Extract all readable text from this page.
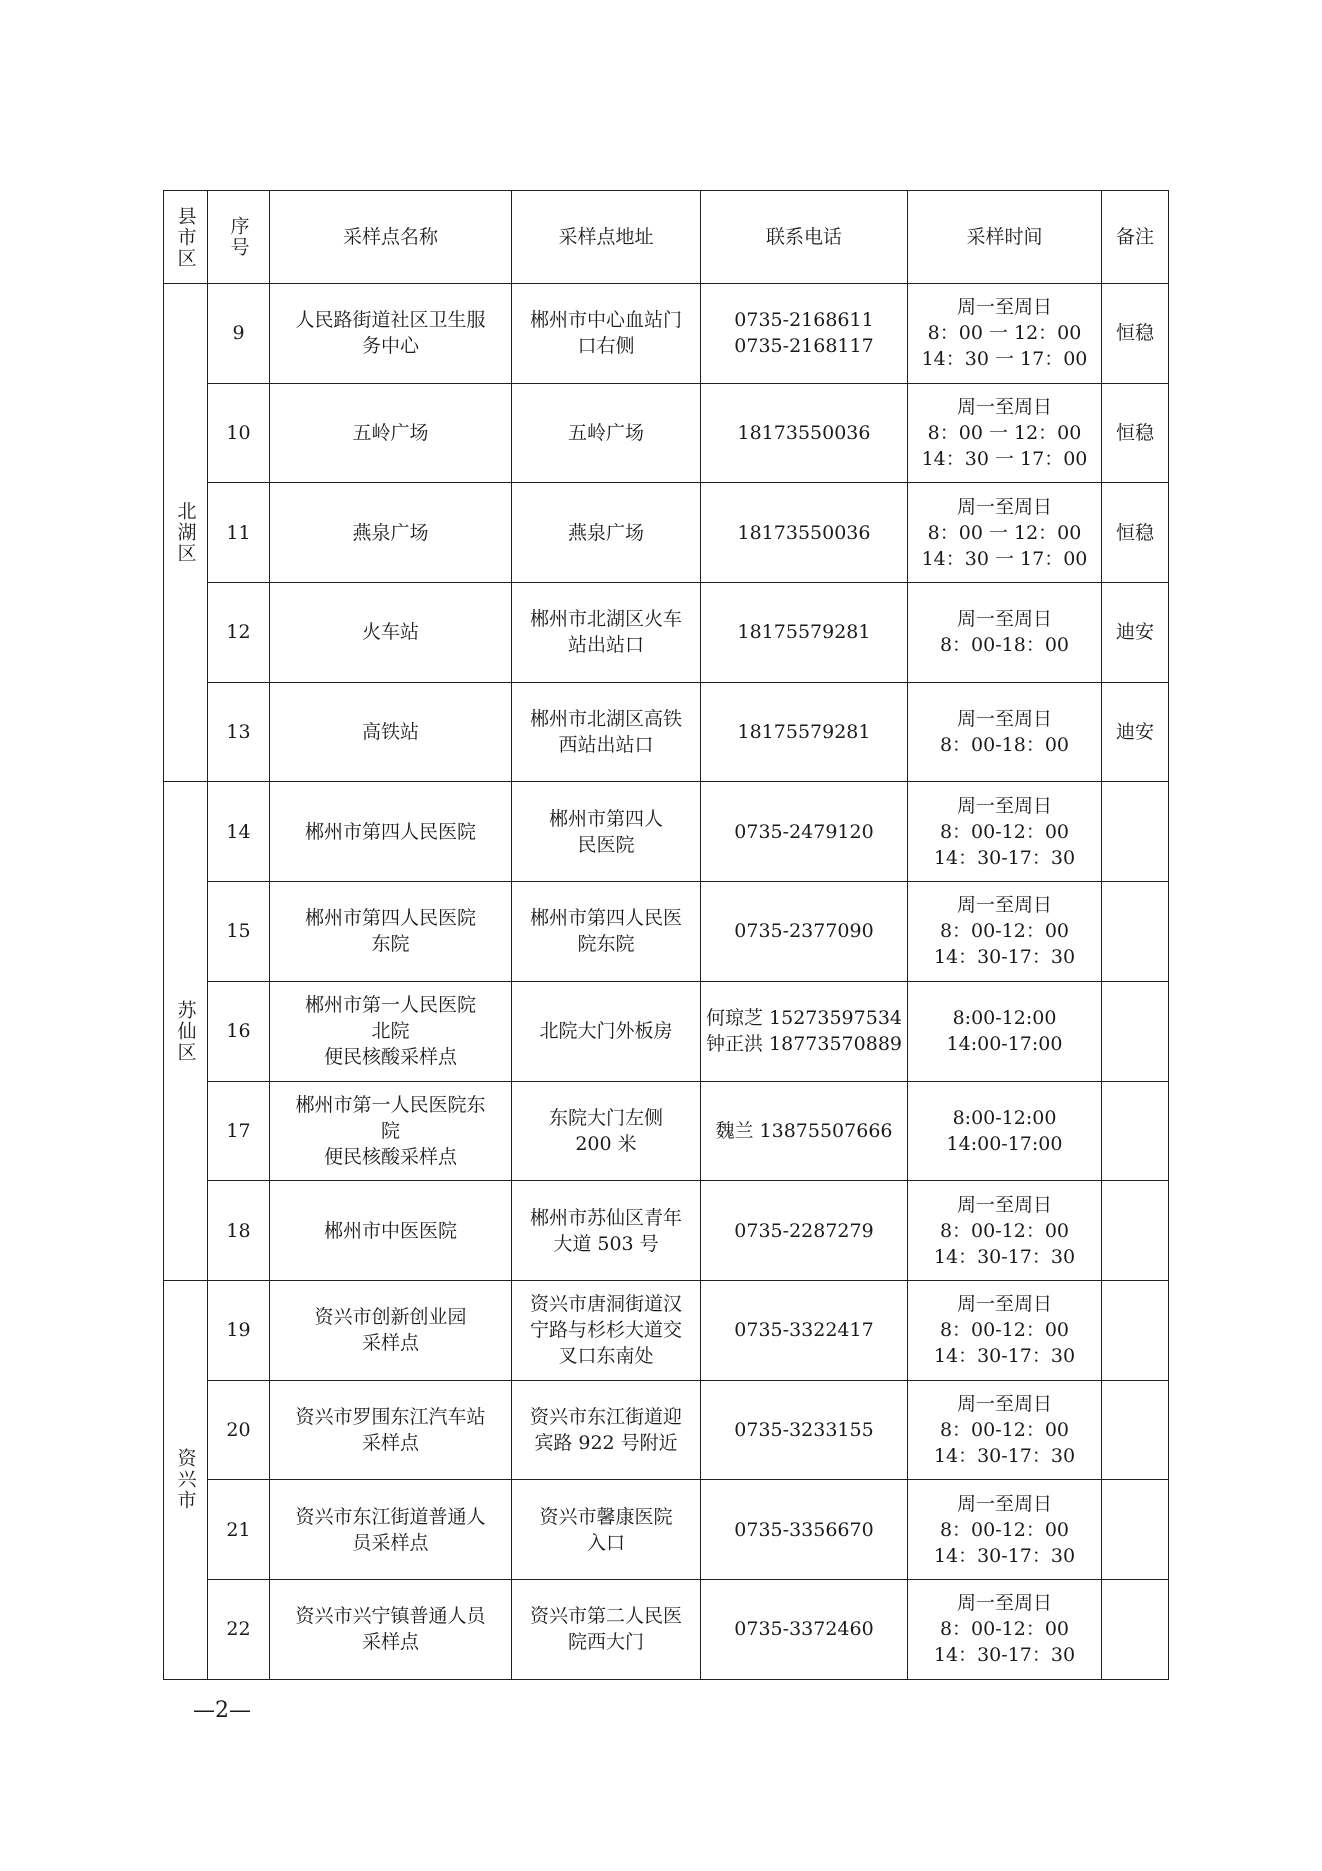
县市区	序号	采样点名称	采样点地址	联系电话	采样时间	备注

北湖区	9	人民路街道社区卫生服
务中心	郴州市中心血站门
口右侧	0735-2168611
0735-2168117	周一至周日
8：00 一 12：00
14：30 一 17：00	恒稳
	10	五岭广场	五岭广场	18173550036	周一至周日
8：00 一 12：00
14：30 一 17：00	恒稳
	11	燕泉广场	燕泉广场	18173550036	周一至周日
8：00 一 12：00
14：30 一 17：00	恒稳
	12	火车站	郴州市北湖区火车
站出站口	18175579281	周一至周日
8：00-18：00	迪安
	13	高铁站	郴州市北湖区高铁
西站出站口	18175579281	周一至周日
8：00-18：00	迪安

苏仙区	14	郴州市第四人民医院	郴州市第四人
民医院	0735-2479120	周一至周日
8：00-12：00
14：30-17：30	
	15	郴州市第四人民医院
东院	郴州市第四人民医
院东院	0735-2377090	周一至周日
8：00-12：00
14：30-17：30	
	16	郴州市第一人民医院
北院
便民核酸采样点	北院大门外板房	何琼芝 15273597534
钟正洪 18773570889	8:00-12:00
14:00-17:00	
	17	郴州市第一人民医院东
院
便民核酸采样点	东院大门左侧
200 米	魏兰 13875507666	8:00-12:00
14:00-17:00	
	18	郴州市中医医院	郴州市苏仙区青年
大道 503 号	0735-2287279	周一至周日
8：00-12：00
14：30-17：30	

资兴市	19	资兴市创新创业园
采样点	资兴市唐洞街道汉
宁路与杉杉大道交
叉口东南处	0735-3322417	周一至周日
8：00-12：00
14：30-17：30	
	20	资兴市罗围东江汽车站
采样点	资兴市东江街道迎
宾路 922 号附近	0735-3233155	周一至周日
8：00-12：00
14：30-17：30	
	21	资兴市东江街道普通人
员采样点	资兴市馨康医院
入口	0735-3356670	周一至周日
8：00-12：00
14：30-17：30	
	22	资兴市兴宁镇普通人员
采样点	资兴市第二人民医
院西大门	0735-3372460	周一至周日
8：00-12：00
14：30-17：30	
—2—
